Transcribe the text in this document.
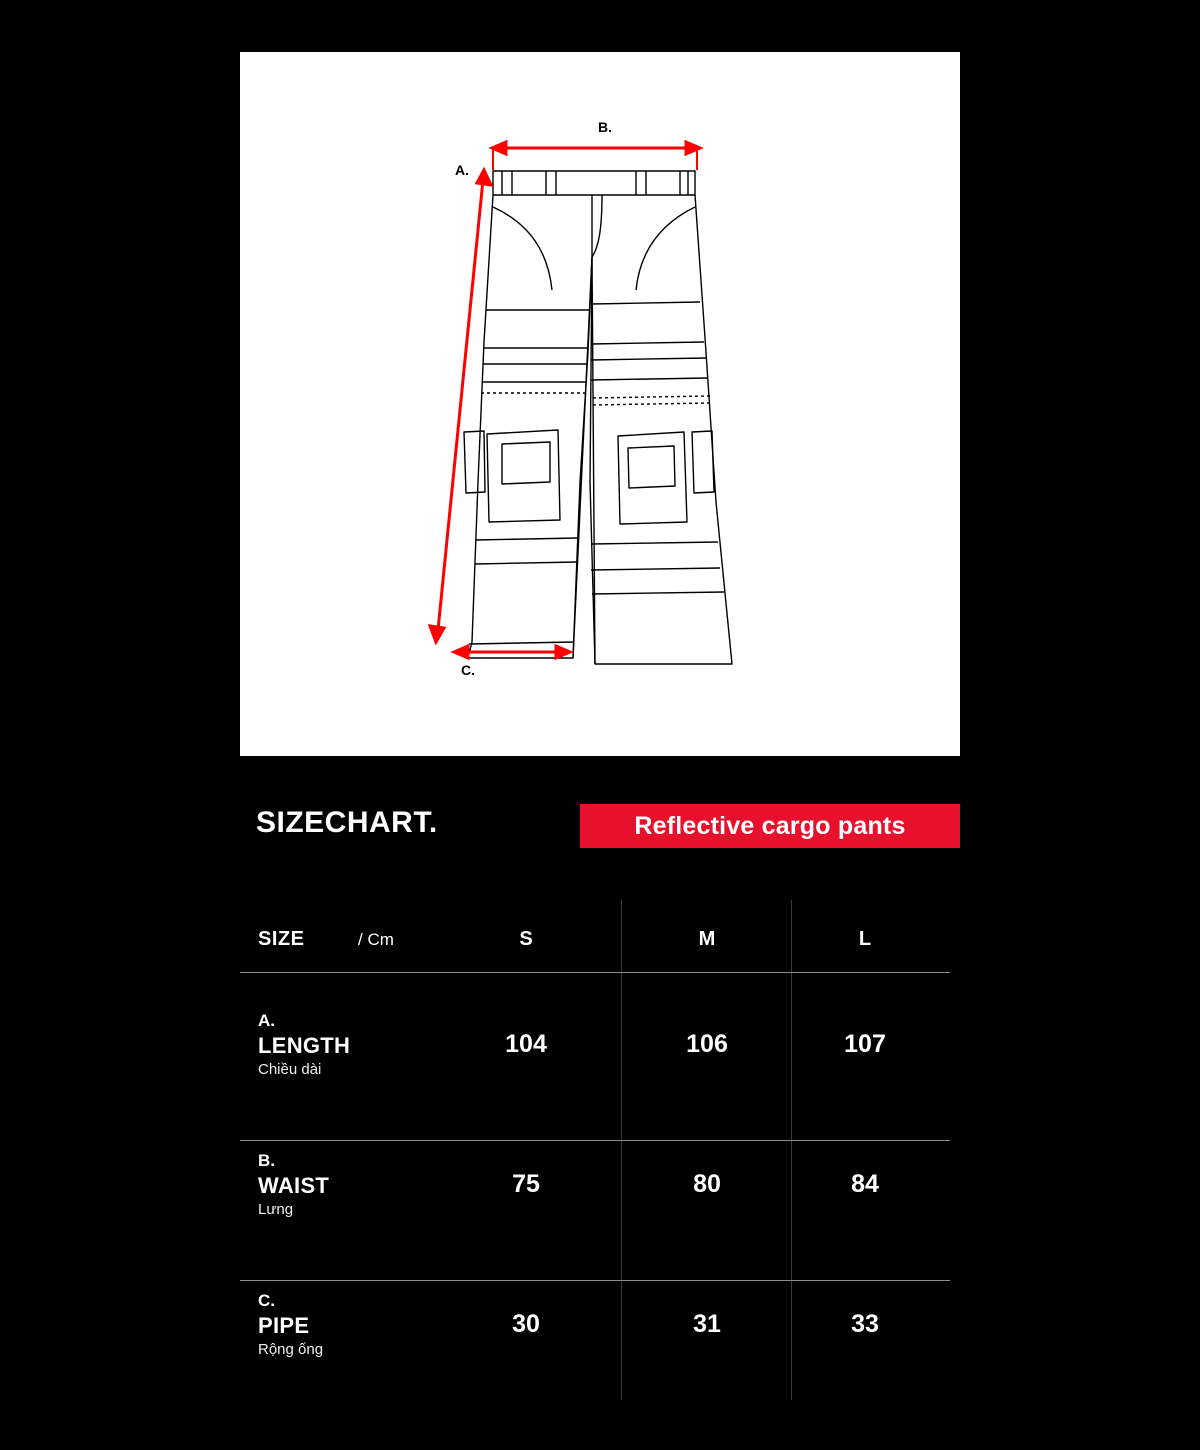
B.
A.
C.
SIZECHART.	Reflective cargo pants
SIZE	/ Cm	S	M	L
A.
LENGTH
Chiều dài
104	106	107
B.
WAIST
Lưng
75	80	84
C.
PIPE
Rộng ống
30	31	33
